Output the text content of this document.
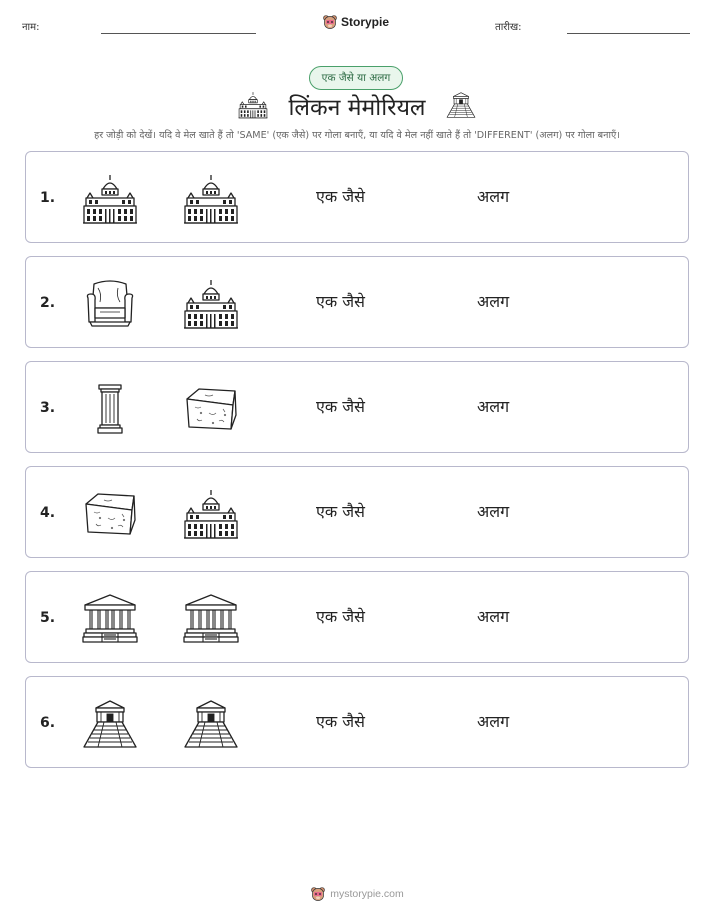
नाम:	Storypie	तारीख:
एक जैसे या अलग
लिंकन मेमोरियल
हर जोड़ी को देखें। यदि वे मेल खाते हैं तो 'SAME' (एक जैसे) पर गोला बनाएँ, या यदि वे मेल नहीं खाते हैं तो 'DIFFERENT' (अलग) पर गोला बनाएँ।
1.	एक जैसे	अलग
2.	एक जैसे	अलग
3.	एक जैसे	अलग
4.	एक जैसे	अलग
5.	एक जैसे	अलग
6.	एक जैसे	अलग
mystorypie.com
